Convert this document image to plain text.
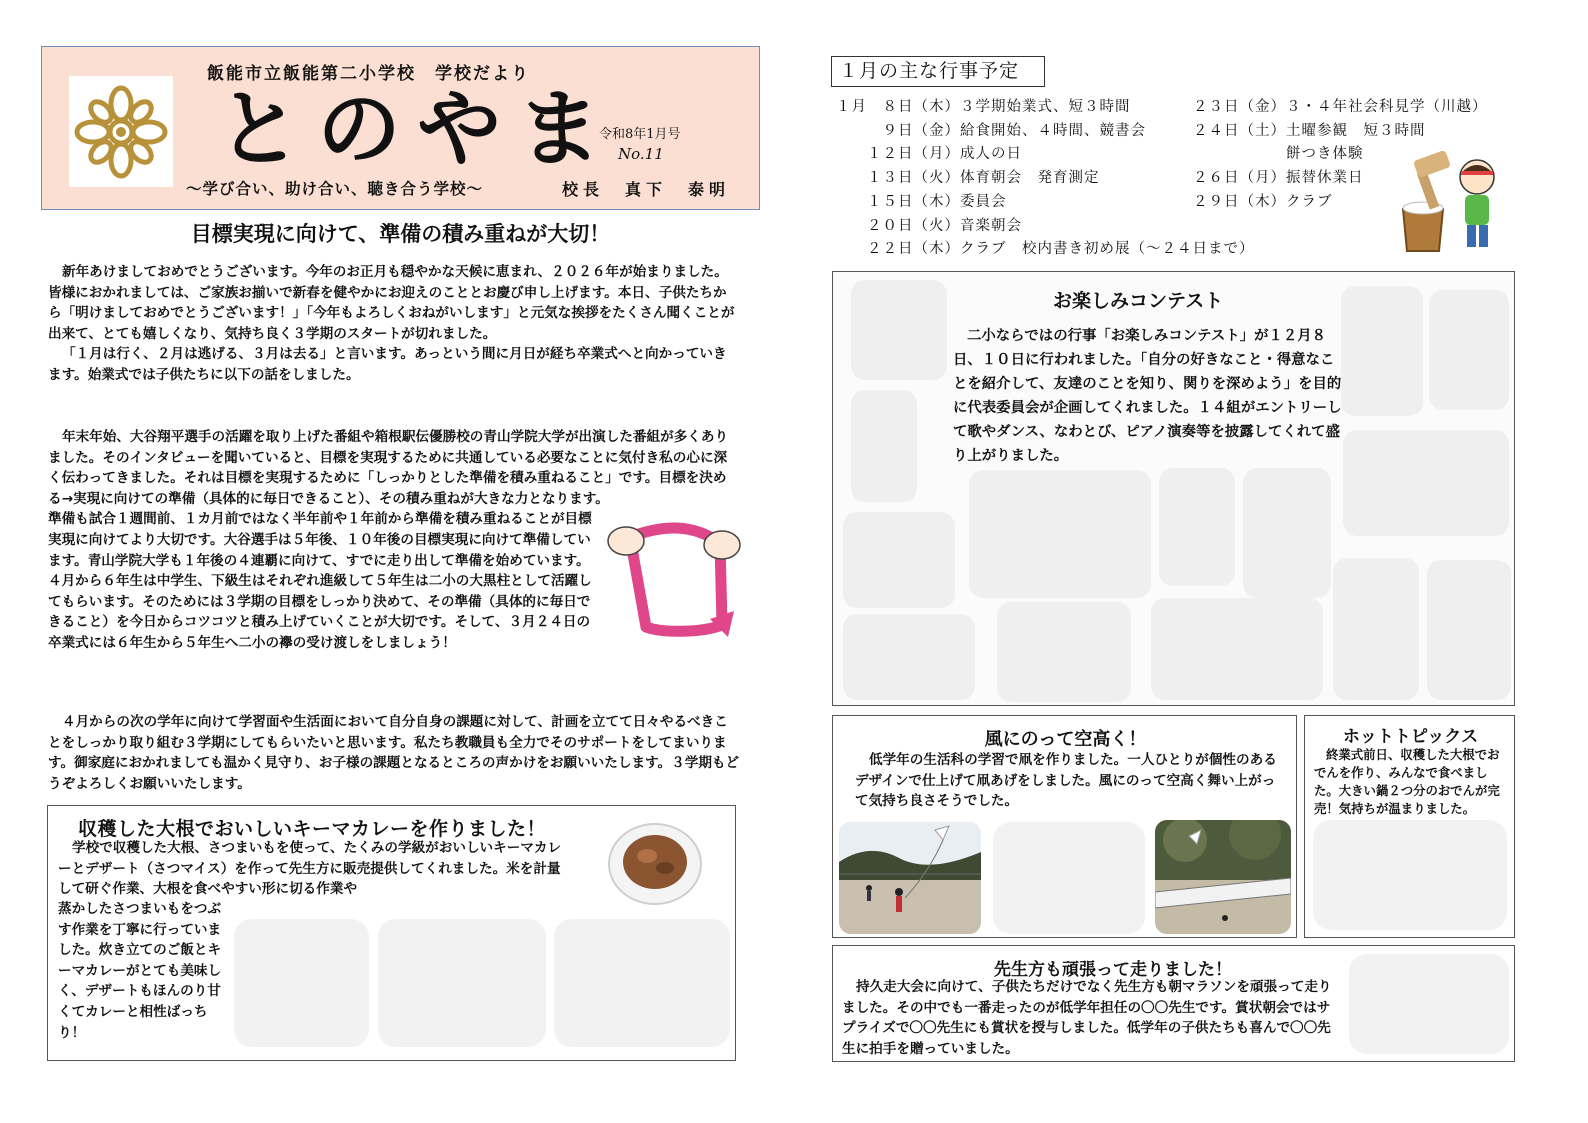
飯能市立飯能第二小学校　学校だより
とのやま
令和8年1月号
No.11
～学び合い、助け合い、聴き合う学校～	校長　真下　泰明
目標実現に向けて、準備の積み重ねが大切！

新年あけましておめでとうございます。今年のお正月も穏やかな天候に恵まれ、２０２６年が始まりました。皆様におかれましては、ご家族お揃いで新春を健やかにお迎えのこととお慶び申し上げます。本日、子供たちから「明けましておめでとうございます！」「今年もよろしくおねがいします」と元気な挨拶をたくさん聞くことが出来て、とても嬉しくなり、気持ち良く３学期のスタートが切れました。

「１月は行く、２月は逃げる、３月は去る」と言います。あっという間に月日が経ち卒業式へと向かっていきます。始業式では子供たちに以下の話をしました。

年末年始、大谷翔平選手の活躍を取り上げた番組や箱根駅伝優勝校の青山学院大学が出演した番組が多くありました。そのインタビューを聞いていると、目標を実現するために共通している必要なことに気付き私の心に深く伝わってきました。それは目標を実現するために「しっかりとした準備を積み重ねること」です。目標を決める→実現に向けての準備（具体的に毎日できること）、その積み重ねが大きな力となります。

準備も試合１週間前、１カ月前ではなく半年前や１年前から準備を積み重ねることが目標実現に向けてより大切です。大谷選手は５年後、１０年後の目標実現に向けて準備しています。青山学院大学も１年後の４連覇に向けて、すでに走り出して準備を始めています。４月から６年生は中学生、下級生はそれぞれ進級して５年生は二小の大黒柱として活躍してもらいます。そのためには３学期の目標をしっかり決めて、その準備（具体的に毎日できること）を今日からコツコツと積み上げていくことが大切です。そして、３月２４日の卒業式には６年生から５年生へ二小の襷の受け渡しをしましょう！

４月からの次の学年に向けて学習面や生活面において自分自身の課題に対して、計画を立てて日々やるべきことをしっかり取り組む３学期にしてもらいたいと思います。私たち教職員も全力でそのサポートをしてまいります。御家庭におかれましても温かく見守り、お子様の課題となるところの声かけをお願いいたします。３学期もどうぞよろしくお願いいたします。

収穫した大根でおいしいキーマカレーを作りました！

学校で収穫した大根、さつまいもを使って、たくみの学級がおいしいキーマカレーとデザート（さつマイス）を作って先生方に販売提供してくれました。米を計量して研ぐ作業、大根を食べやすい形に切る作業や

蒸かしたさつまいもをつぶす作業を丁寧に行っていました。炊き立てのご飯とキーマカレーがとても美味しく、デザートもほんのり甘くてカレーと相性ばっちり！

１月の主な行事予定
１月　８日（木）３学期始業式、短３時間
　　　９日（金）給食開始、４時間、競書会
　　１２日（月）成人の日
　　１３日（火）体育朝会　発育測定
　　１５日（木）委員会
　　２０日（火）音楽朝会
　　２２日（木）クラブ　校内書き初め展（～２４日まで）
２３日（金）３・４年社会科見学（川越）
２４日（土）土曜参観　短３時間
　　　　　　餅つき体験
２６日（月）振替休業日
２９日（木）クラブ
お楽しみコンテスト

二小ならではの行事「お楽しみコンテスト」が１２月８日、１０日に行われました。「自分の好きなこと・得意なことを紹介して、友達のことを知り、関りを深めよう」を目的に代表委員会が企画してくれました。１４組がエントリーして歌やダンス、なわとび、ピアノ演奏等を披露してくれて盛り上がりました。

風にのって空高く！

低学年の生活科の学習で凧を作りました。一人ひとりが個性のあるデザインで仕上げて凧あげをしました。風にのって空高く舞い上がって気持ち良さそうでした。

ホットトピックス

終業式前日、収穫した大根でおでんを作り、みんなで食べました。大きい鍋２つ分のおでんが完売！気持ちが温まりました。

先生方も頑張って走りました！

持久走大会に向けて、子供たちだけでなく先生方も朝マラソンを頑張って走りました。その中でも一番走ったのが低学年担任の〇〇先生です。賞状朝会ではサプライズで〇〇先生にも賞状を授与しました。低学年の子供たちも喜んで〇〇先生に拍手を贈っていました。
